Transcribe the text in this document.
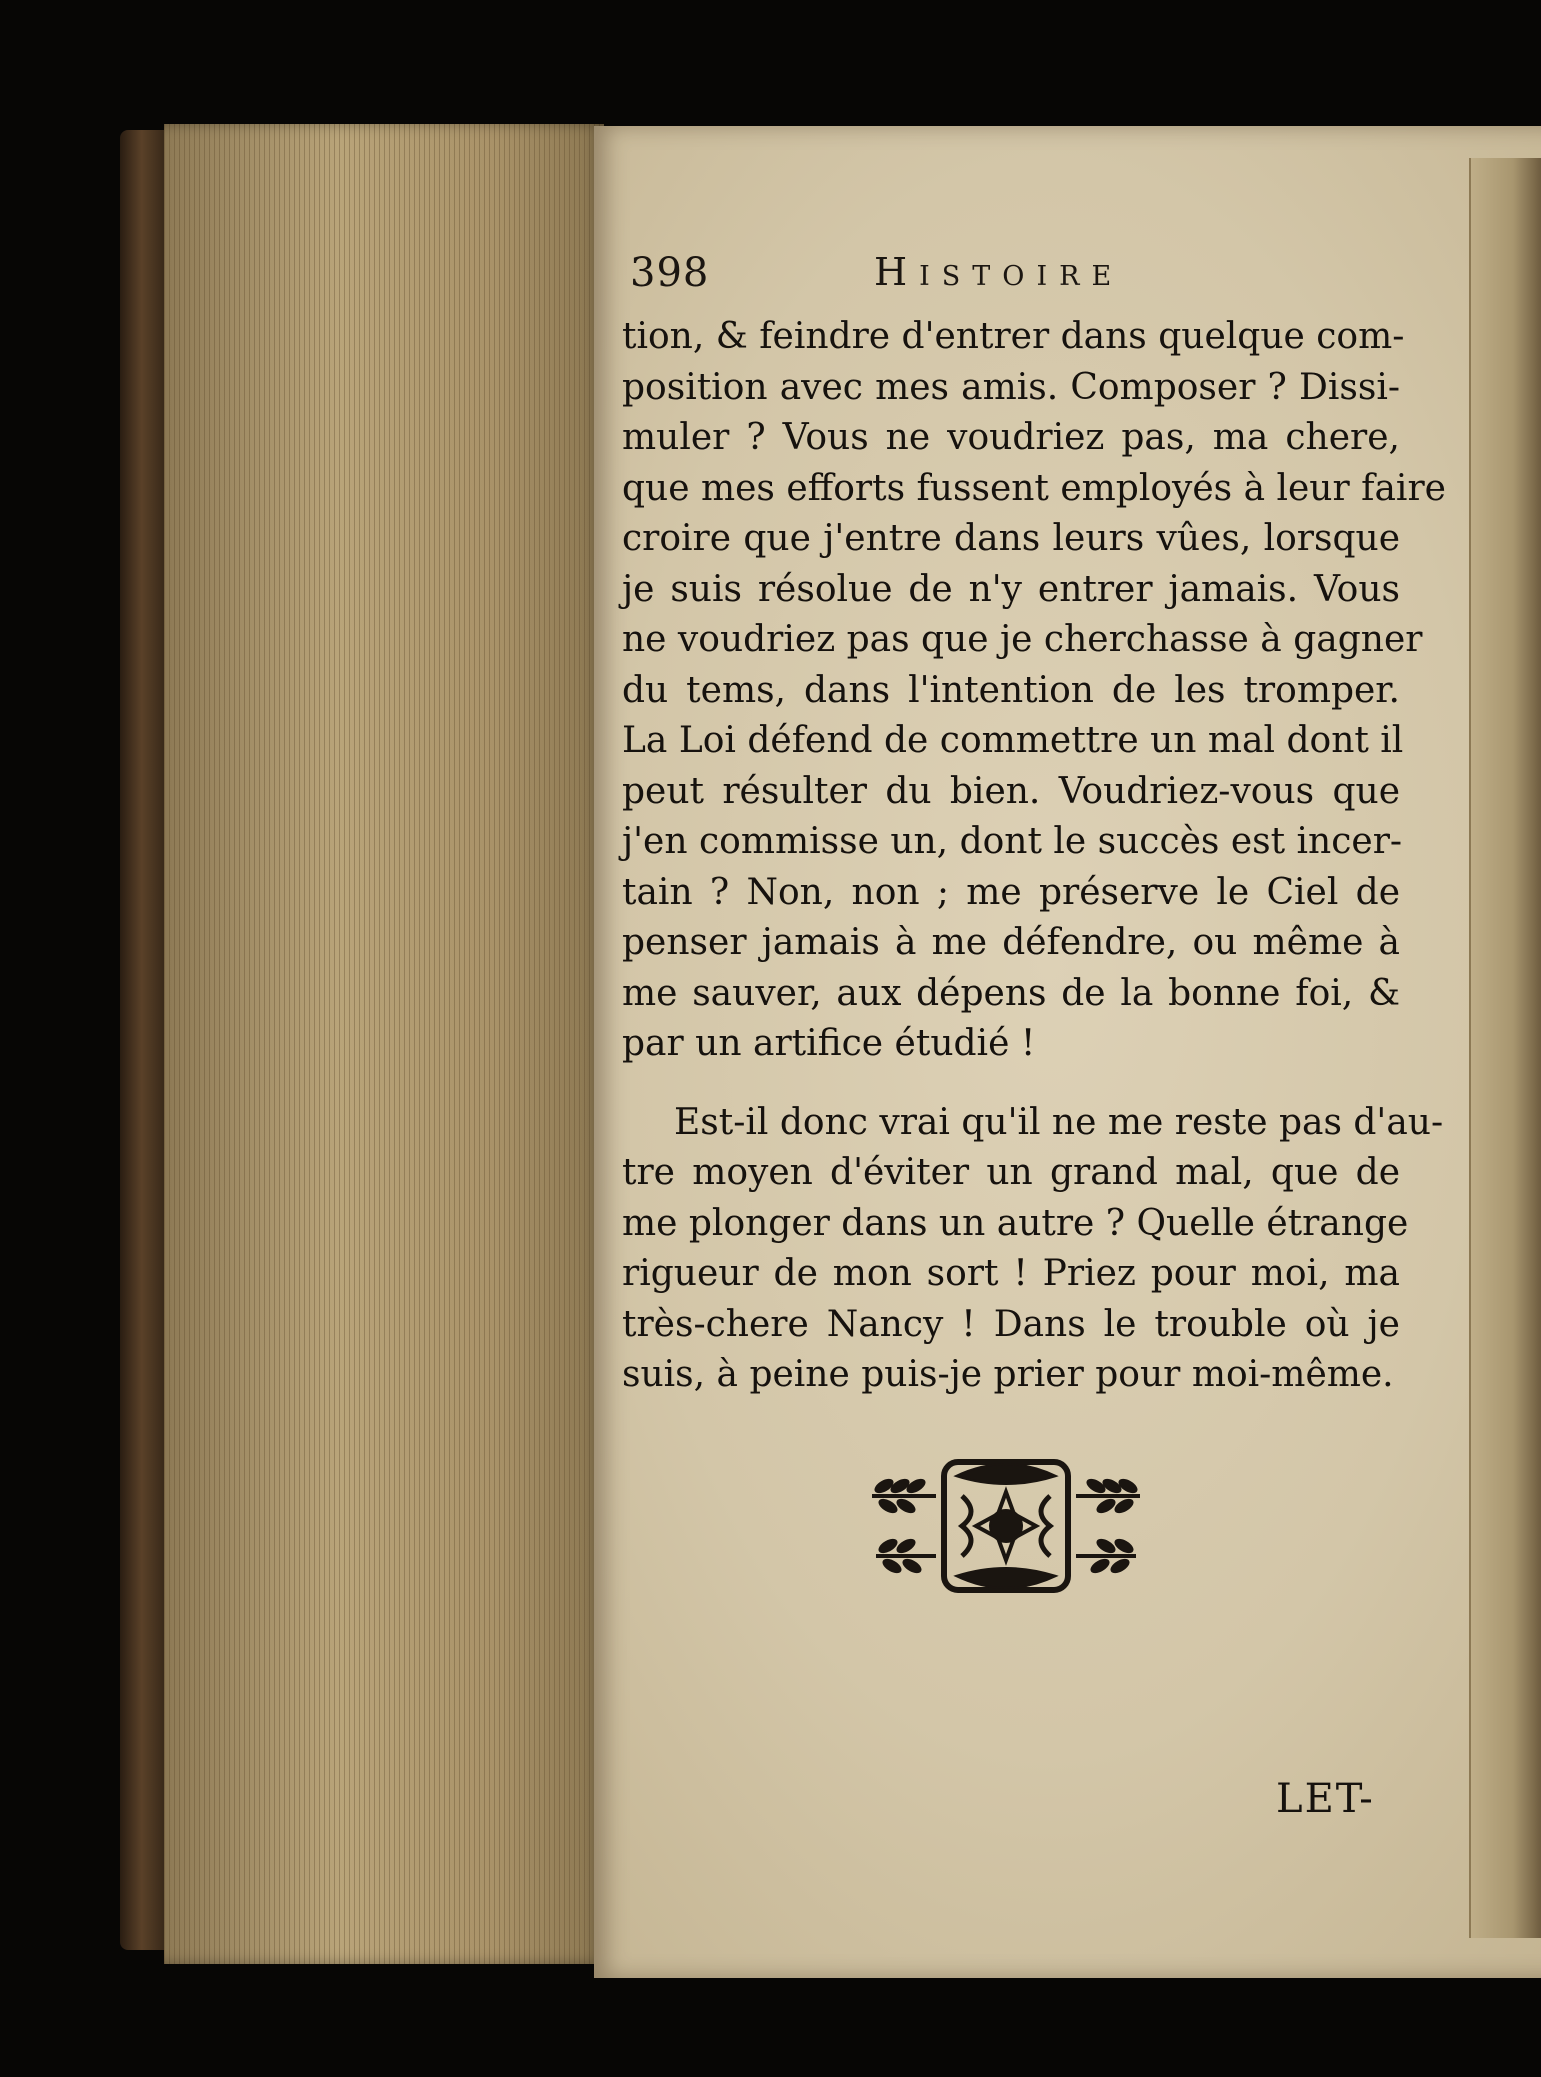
398	Histoire
tion, & feindre d'entrer dans quelque com-
position avec mes amis. Composer ? Dissi-
muler ? Vous ne voudriez pas, ma chere,
que mes efforts fussent employés à leur faire
croire que j'entre dans leurs vûes, lorsque
je suis résolue de n'y entrer jamais. Vous
ne voudriez pas que je cherchasse à gagner
du tems, dans l'intention de les tromper.
La Loi défend de commettre un mal dont il
peut résulter du bien. Voudriez-vous que
j'en commisse un, dont le succès est incer-
tain ? Non, non ; me préserve le Ciel de
penser jamais à me défendre, ou même à
me sauver, aux dépens de la bonne foi, &
par un artifice étudié !
Est-il donc vrai qu'il ne me reste pas d'au-
tre moyen d'éviter un grand mal, que de
me plonger dans un autre ? Quelle étrange
rigueur de mon sort ! Priez pour moi, ma
très-chere Nancy ! Dans le trouble où je
suis, à peine puis-je prier pour moi-même.
LET-
